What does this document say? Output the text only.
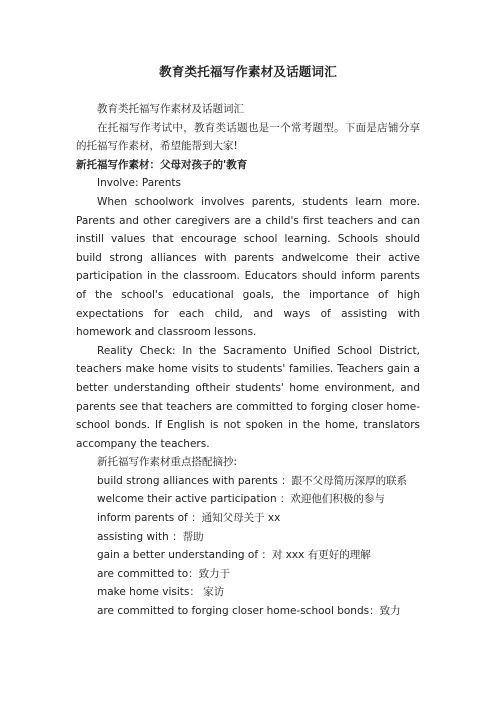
教育类托福写作素材及话题词汇

教育类托福写作素材及话题词汇

在托福写作考试中，教育类话题也是一个常考题型。下面是店铺分享的托福写作素材，希望能帮到大家!

新托福写作素材：父母对孩子的'教育

Involve: Parents

When schoolwork involves parents, students learn more. Parents and other caregivers are a child's first teachers and can instill values that encourage school learning. Schools should build strong alliances with parents andwelcome their active participation in the classroom. Educators should inform parents of the school's educational goals, the importance of high expectations for each child, and ways of assisting with homework and classroom lessons.

Reality Check: In the Sacramento Unified School District, teachers make home visits to students' families. Teachers gain a better understanding oftheir students' home environment, and parents see that teachers are committed to forging closer home-school bonds. If English is not spoken in the home, translators accompany the teachers.

新托福写作素材重点搭配摘抄:

build strong alliances with parents ：跟不父母简历深厚的联系

welcome their active participation ：欢迎他们积极的参与

inform parents of ：通知父母关于 xx

assisting with ：帮助

gain a better understanding of ：对 xxx 有更好的理解

are committed to：致力于

make home visits： 家访

are committed to forging closer home-school bonds：致力
